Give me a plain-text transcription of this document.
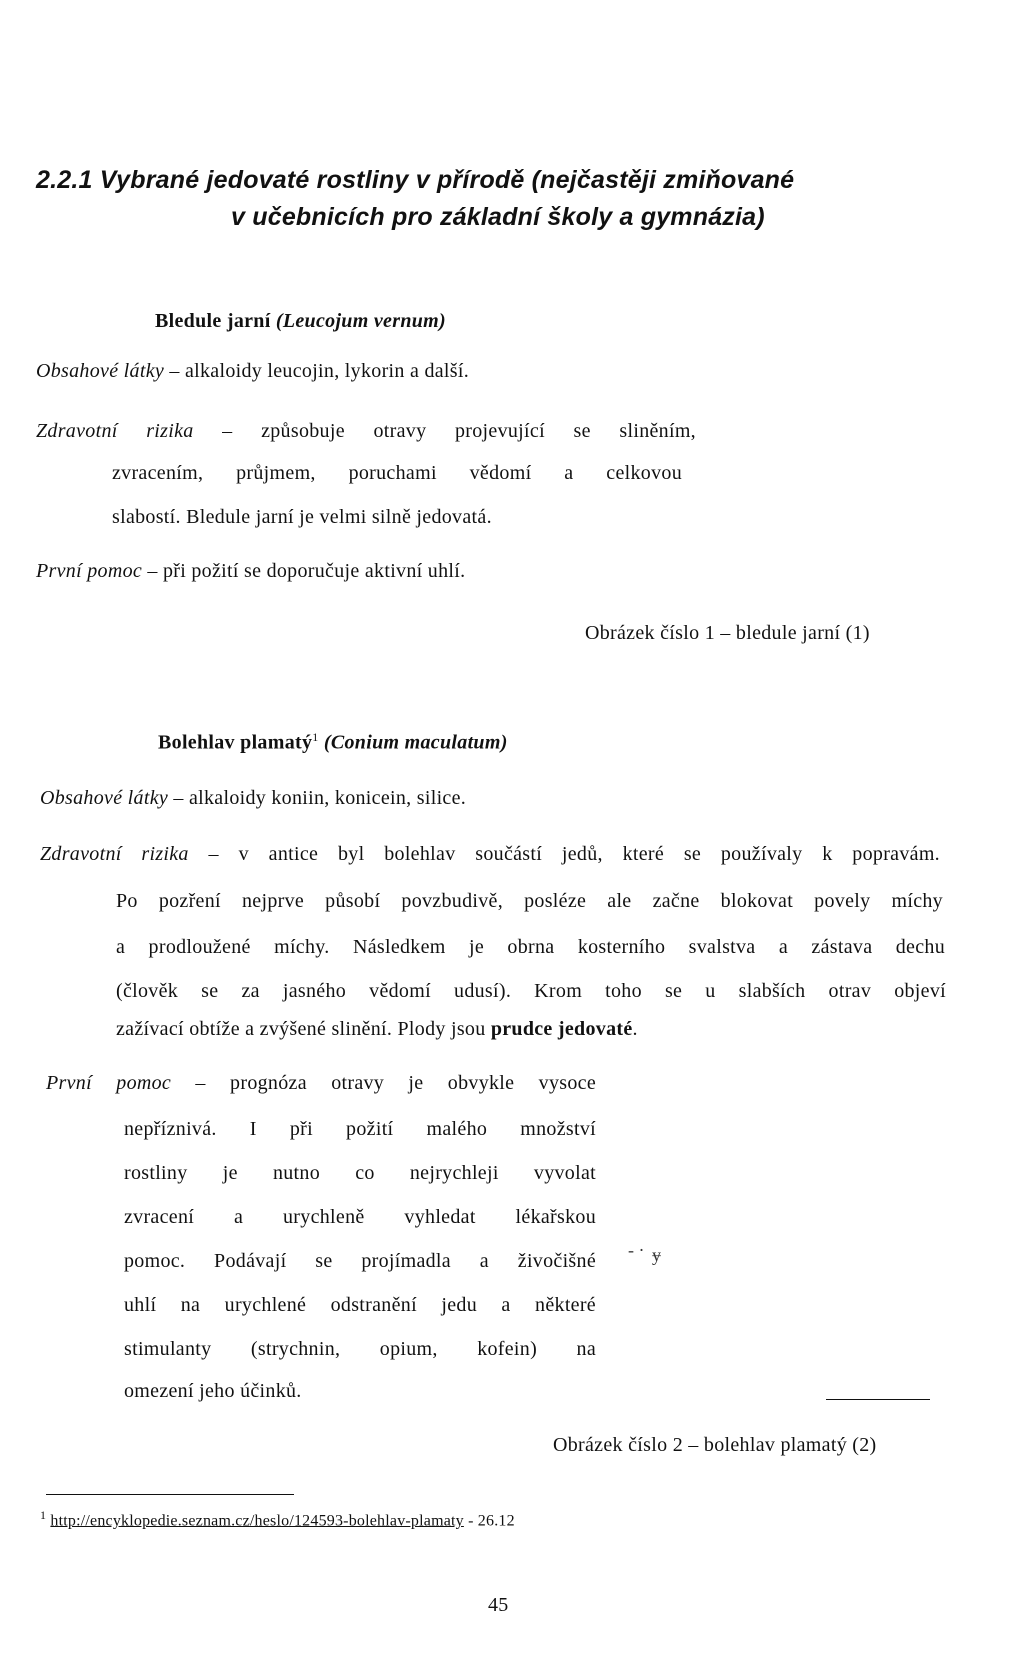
2.2.1 Vybrané jedovaté rostliny v přírodě (nejčastěji zmiňované
v učebnicích pro základní školy a gymnázia)
Bledule jarní (Leucojum vernum)
Obsahové látky – alkaloidy leucojin, lykorin a další.
Zdravotní rizika – způsobuje otravy projevující se sliněním,
zvracením, průjmem, poruchami vědomí a celkovou
slabostí. Bledule jarní je velmi silně jedovatá.
První pomoc – při požití se doporučuje aktivní uhlí.
Obrázek číslo 1 – bledule jarní (1)
Bolehlav plamatý$^1$ (Conium maculatum)
Obsahové látky – alkaloidy koniin, konicein, silice.
Zdravotní rizika – v antice byl bolehlav součástí jedů, které se používaly k popravám.
Po pozření nejprve působí povzbudivě, posléze ale začne blokovat povely míchy
a prodloužené míchy. Následkem je obrna kosterního svalstva a zástava dechu
(člověk se za jasného vědomí udusí). Krom toho se u slabších otrav objeví
zažívací obtíže a zvýšené slinění. Plody jsou prudce jedovaté.
První pomoc – prognóza otravy je obvykle vysoce
nepříznivá. I při požití malého množství
rostliny je nutno co nejrychleji vyvolat
zvracení a urychleně vyhledat lékařskou
pomoc. Podávají se projímadla a živočišné
uhlí na urychlené odstranění jedu a některé
stimulanty (strychnin, opium, kofein) na
omezení jeho účinků.
- · ɏ
Obrázek číslo 2 – bolehlav plamatý (2)
$^1$ http://encyklopedie.seznam.cz/heslo/124593-bolehlav-plamaty - 26.12
45
